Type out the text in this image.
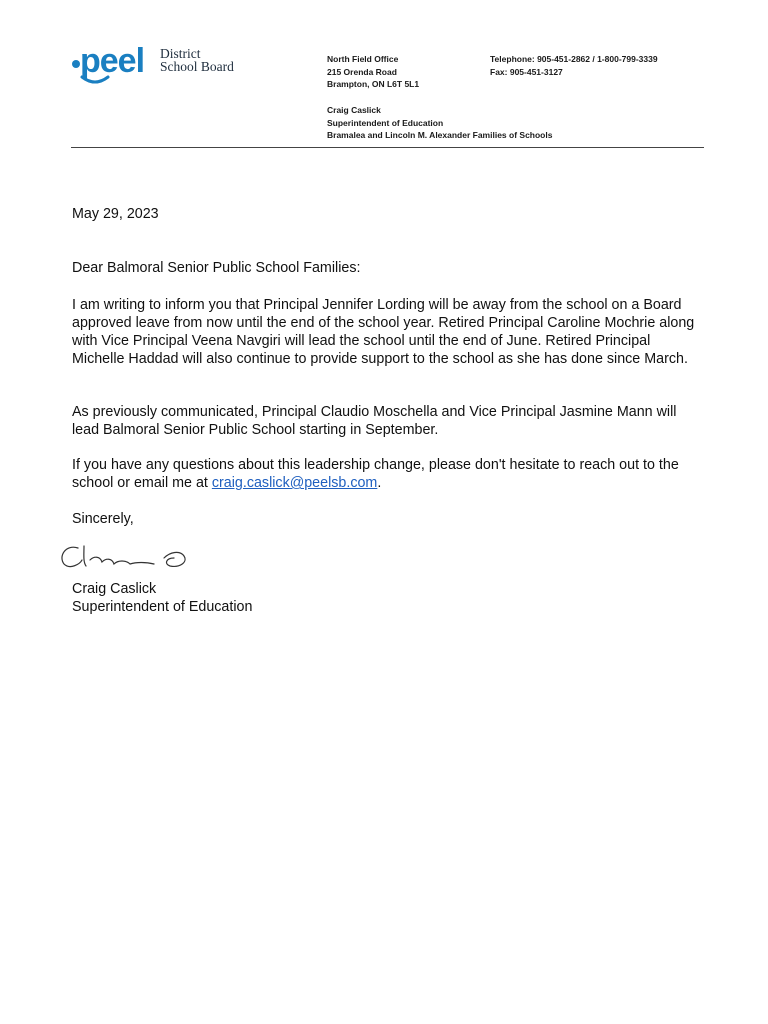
peel District
School Board	North Field Office
215 Orenda Road
Brampton, ON L6T 5L1
Telephone: 905-451-2862 / 1-800-799-3339
Fax: 905-451-3127
Craig Caslick
Superintendent of Education
Bramalea and Lincoln M. Alexander Families of Schools
May 29, 2023
Dear Balmoral Senior Public School Families:

I am writing to inform you that Principal Jennifer Lording will be away from the school on a Board approved leave from now until the end of the school year. Retired Principal Caroline Mochrie along with Vice Principal Veena Navgiri will lead the school until the end of June. Retired Principal Michelle Haddad will also continue to provide support to the school as she has done since March.

As previously communicated, Principal Claudio Moschella and Vice Principal Jasmine Mann will lead Balmoral Senior Public School starting in September.

If you have any questions about this leadership change, please don't hesitate to reach out to the school or email me at craig.caslick@peelsb.com.

Sincerely,
Craig Caslick
Superintendent of Education
